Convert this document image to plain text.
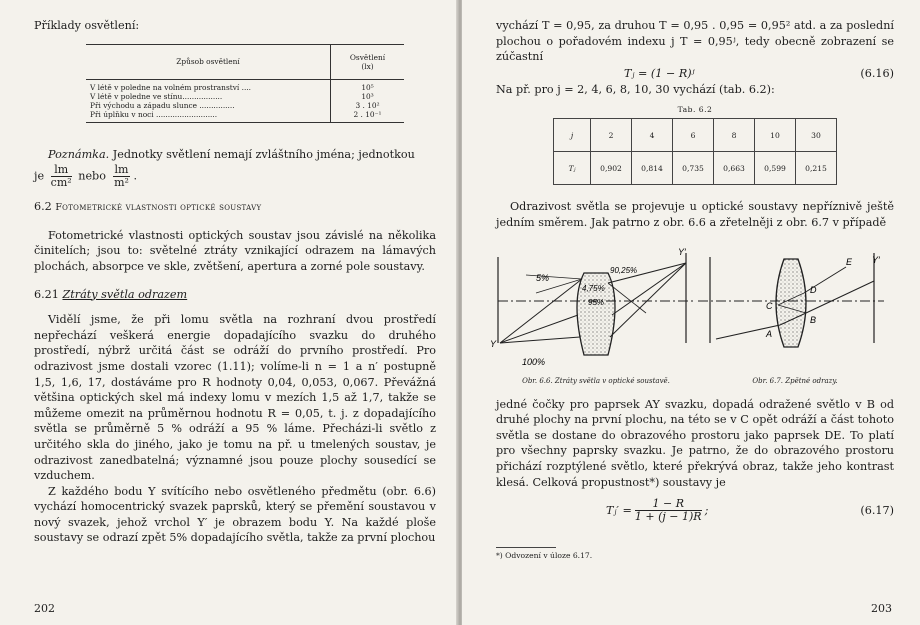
Příklady osvětlení:

Způsob osvětlení	Osvětlení
(lx)
V létě v poledne na volném prostranství ....	10⁵
V létě v poledne ve stínu.................	10³
Při východu a západu slunce ...............	3 . 10²
Při úplňku v noci ..........................	2 . 10⁻¹

Poznámka. Jednotky světlení nemají zvláštního jména; jednotkou

je $\frac{lm}{\text{cm²}}$ nebo $\frac{lm}{\text{m²}}$ .

6.2 Fotometrické vlastnosti optické soustavy

Fotometrické vlastnosti optických soustav jsou závislé na několika činitelích; jsou to: světelné ztráty vznikající odrazem na lámavých plochách, absorpce ve skle, zvětšení, apertura a zorné pole soustavy.

6.21 Ztráty světla odrazem

Vidělí jsme, že při lomu světla na rozhraní dvou prostředí nepřechází veškerá energie dopadajícího svazku do druhého prostředí, nýbrž určitá část se odráží do prvního prostředí. Pro odrazivost jsme dostali vzorec (1.11); volíme-li n = 1 a n′ postupně 1,5, 1,6, 17, dostáváme pro R hodnoty 0,04, 0,053, 0,067. Převážná většina optických skel má indexy lomu v mezích 1,5 až 1,7, takže se můžeme omezit na průměrnou hodnotu R = 0,05, t. j. z dopadajícího světla se průměrně 5 % odráží a 95 % láme. Přecházi-li světlo z určitého skla do jiného, jako je tomu na př. u tmelených soustav, je odrazivost zanedbatelná; významné jsou pouze plochy sousedící se vzduchem.

Z každého bodu Y svítícího nebo osvětleného předmětu (obr. 6.6) vychází homocentrický svazek paprsků, který se přemění soustavou v nový svazek, jehož vrchol Y′ je obrazem bodu Y. Na každé ploše soustavy se odrazí zpět 5% dopadajícího světla, takže za první plochou

202

vychází T = 0,95, za druhou T = 0,95 . 0,95 = 0,95² atd. a za poslední plochou o pořadovém indexu j T = 0,95ʲ, tedy obecně zobrazení se zúčastní

Tⱼ = (1 − R)ʲ	(6.16)

Na př. pro j = 2, 4, 6, 8, 10, 30 vychází (tab. 6.2):

Tab. 6.2
j	2	4	6	8	10	30
Tⱼ	0,902	0,814	0,735	0,663	0,599	0,215

Odrazivost světla se projevuje u optické soustavy nepříznivě ještě jedním směrem. Jak patrno z obr. 6.6 a zřetelněji z obr. 6.7 v případě

5%
90,25%
4,75%
95%
100%
Y
Y′
Obr. 6.6. Ztráty světla v optické soustavě.
E
D
C
B
A
Y′
Obr. 6.7. Zpětné odrazy.

jedné čočky pro paprsek AY svazku, dopadá odražené světlo v B od druhé plochy na první plochu, na této se v C opět odráží a část tohoto světla se dostane do obrazového prostoru jako paprsek DE. To platí pro všechny paprsky svazku. Je patrno, že do obrazového prostoru přichází rozptýlené světlo, které překrývá obraz, takže jeho kontrast klesá. Celková propustnost*) soustavy je

Tⱼ′ = $\frac{1 - R}{1 + (j - 1)R}$ ;	(6.17)
*) Odvození v úloze 6.17.
203
